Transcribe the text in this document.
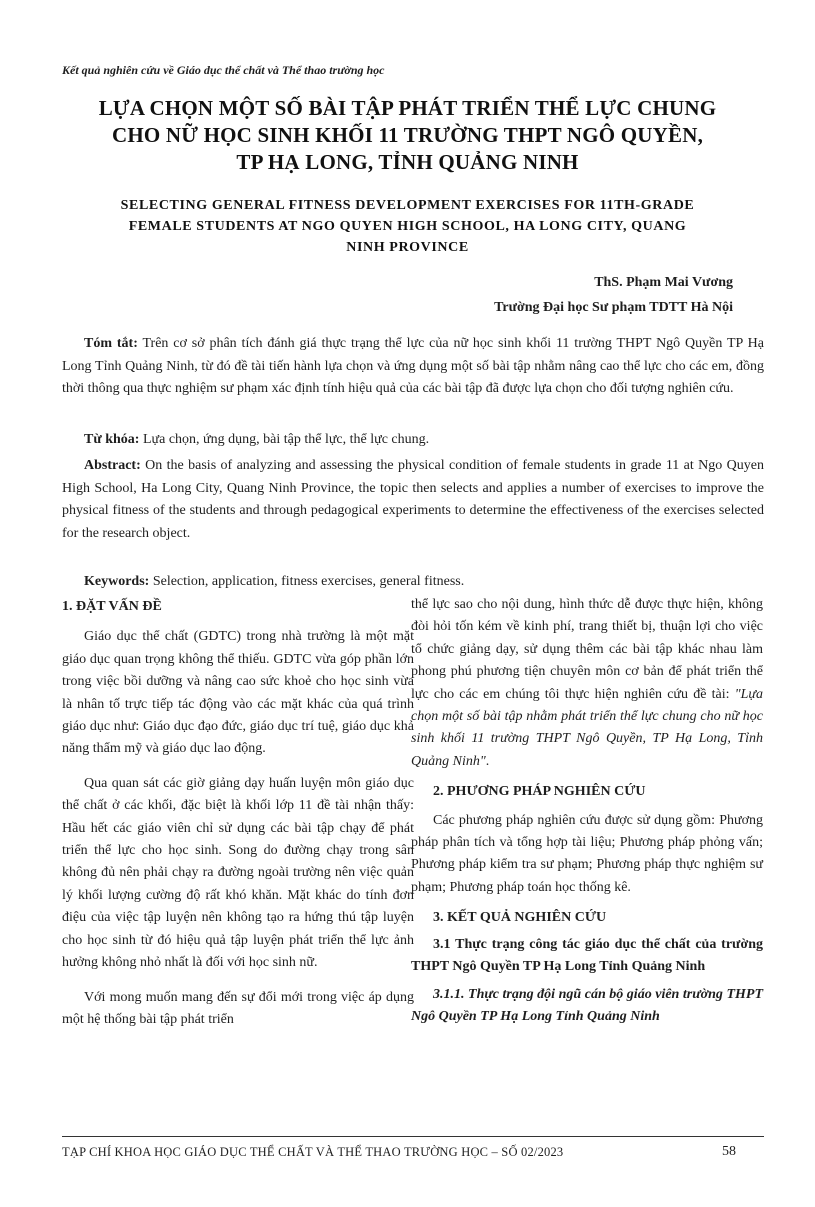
Kết quả nghiên cứu về Giáo dục thể chất và Thể thao trường học
LỰA CHỌN MỘT SỐ BÀI TẬP PHÁT TRIỂN THỂ LỰC CHUNG
CHO NỮ HỌC SINH KHỐI 11 TRƯỜNG THPT NGÔ QUYỀN,
TP HẠ LONG, TỈNH QUẢNG NINH
SELECTING GENERAL FITNESS DEVELOPMENT EXERCISES FOR 11TH-GRADE
FEMALE STUDENTS AT NGO QUYEN HIGH SCHOOL, HA LONG CITY, QUANG
NINH PROVINCE
ThS. Phạm Mai Vương
Trường Đại học Sư phạm TDTT Hà Nội
Tóm tắt: Trên cơ sở phân tích đánh giá thực trạng thể lực của nữ học sinh khối 11 trường THPT Ngô Quyền TP Hạ Long Tỉnh Quảng Ninh, từ đó đề tài tiến hành lựa chọn và ứng dụng một số bài tập nhằm nâng cao thể lực cho các em, đồng thời thông qua thực nghiệm sư phạm xác định tính hiệu quả của các bài tập đã được lựa chọn cho đối tượng nghiên cứu.
Từ khóa: Lựa chọn, ứng dụng, bài tập thể lực, thể lực chung.
Abstract: On the basis of analyzing and assessing the physical condition of female students in grade 11 at Ngo Quyen High School, Ha Long City, Quang Ninh Province, the topic then selects and applies a number of exercises to improve the physical fitness of the students and through pedagogical experiments to determine the effectiveness of the exercises selected for the research object.
Keywords: Selection, application, fitness exercises, general fitness.
1. ĐẶT VẤN ĐỀ

Giáo dục thể chất (GDTC) trong nhà trường là một mặt giáo dục quan trọng không thể thiếu. GDTC vừa góp phần lớn trong việc bồi dưỡng và nâng cao sức khoẻ cho học sinh vừa là nhân tố trực tiếp tác động vào các mặt khác của quá trình giáo dục như: Giáo dục đạo đức, giáo dục trí tuệ, giáo dục khả năng thẩm mỹ và giáo dục lao động.

Qua quan sát các giờ giảng dạy huấn luyện môn giáo dục thể chất ở các khối, đặc biệt là khối lớp 11 đề tài nhận thấy: Hầu hết các giáo viên chỉ sử dụng các bài tập chạy để phát triển thể lực cho học sinh. Song do đường chạy trong sân không đủ nên phải chạy ra đường ngoài trường nên việc quản lý khối lượng cường độ rất khó khăn. Mặt khác do tính đơn điệu của việc tập luyện nên không tạo ra hứng thú tập luyện cho học sinh từ đó hiệu quả tập luyện phát triển thể lực ảnh hưởng không nhỏ nhất là đối với học sinh nữ.

Với mong muốn mang đến sự đổi mới trong việc áp dụng một hệ thống bài tập phát triển

thể lực sao cho nội dung, hình thức dễ được thực hiện, không đòi hỏi tốn kém về kinh phí, trang thiết bị, thuận lợi cho việc tổ chức giảng dạy, sử dụng thêm các bài tập khác nhau làm phong phú phương tiện chuyên môn cơ bản để phát triển thể lực cho các em chúng tôi thực hiện nghiên cứu đề tài: "Lựa chọn một số bài tập nhằm phát triển thể lực chung cho nữ học sinh khối 11 trường THPT Ngô Quyền, TP Hạ Long, Tỉnh Quảng Ninh".

2. PHƯƠNG PHÁP NGHIÊN CỨU

Các phương pháp nghiên cứu được sử dụng gồm: Phương pháp phân tích và tổng hợp tài liệu; Phương pháp phỏng vấn; Phương pháp kiểm tra sư phạm; Phương pháp thực nghiệm sư phạm; Phương pháp toán học thống kê.

3. KẾT QUẢ NGHIÊN CỨU
3.1 Thực trạng công tác giáo dục thể chất của trường THPT Ngô Quyền TP Hạ Long Tỉnh Quảng Ninh
3.1.1. Thực trạng đội ngũ cán bộ giáo viên trường THPT Ngô Quyền TP Hạ Long Tỉnh Quảng Ninh
TẠP CHÍ KHOA HỌC GIÁO DỤC THỂ CHẤT VÀ THỂ THAO TRƯỜNG HỌC – SỐ 02/2023	58
